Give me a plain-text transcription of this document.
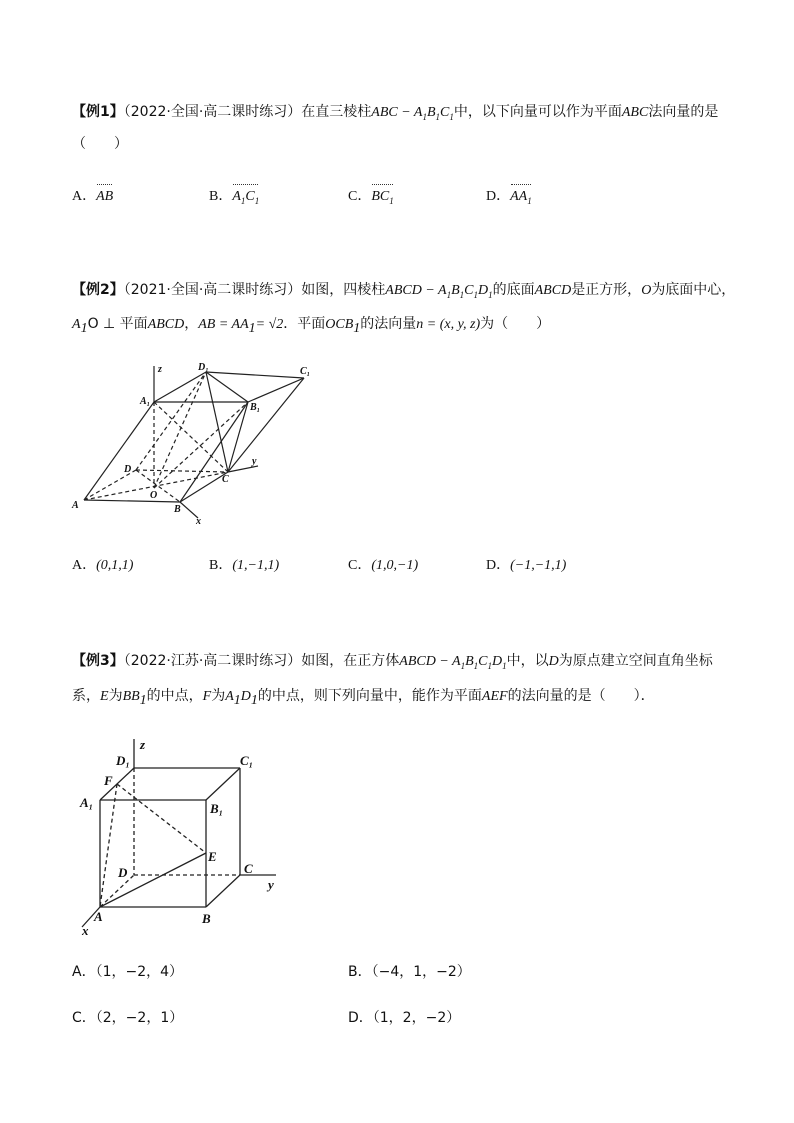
【例1】（2022·全国·高二课时练习）在直三棱柱ABC − $A_1B_1C_1$中，以下向量可以作为平面ABC法向量的是
（　　）
A．AB	B．$A_1C_1$	C．$BC_1$	D．$AA_1$
【例2】（2021·全国·高二课时练习）如图，四棱柱ABCD − $A_1B_1C_1D_1$的底面ABCD是正方形，O为底面中心，
$A_1O$ ⊥ 平面ABCD，AB = $AA_1= √2$．平面$OCB_1$的法向量n = (x, y, z)为（　　）
z	D₁	C₁
A₁
B₁
D
C
y
O
A	B
x
A．(0,1,1)	B．(1,−1,1)	C．(1,0,−1)	D．(−1,−1,1)
【例3】（2022·江苏·高二课时练习）如图，在正方体ABCD − $A_1B_1C_1D_1$中，以D为原点建立空间直角坐标
系，E为$BB_1$的中点，F为$A_1D_1$的中点，则下列向量中，能作为平面AEF的法向量的是（　　）．
z
D₁	C₁
F
A₁	B₁
E
D	C
y
A	B
x
A．（1，−2，4）	B．（−4，1，−2）
C．（2，−2，1）	D．（1，2，−2）
